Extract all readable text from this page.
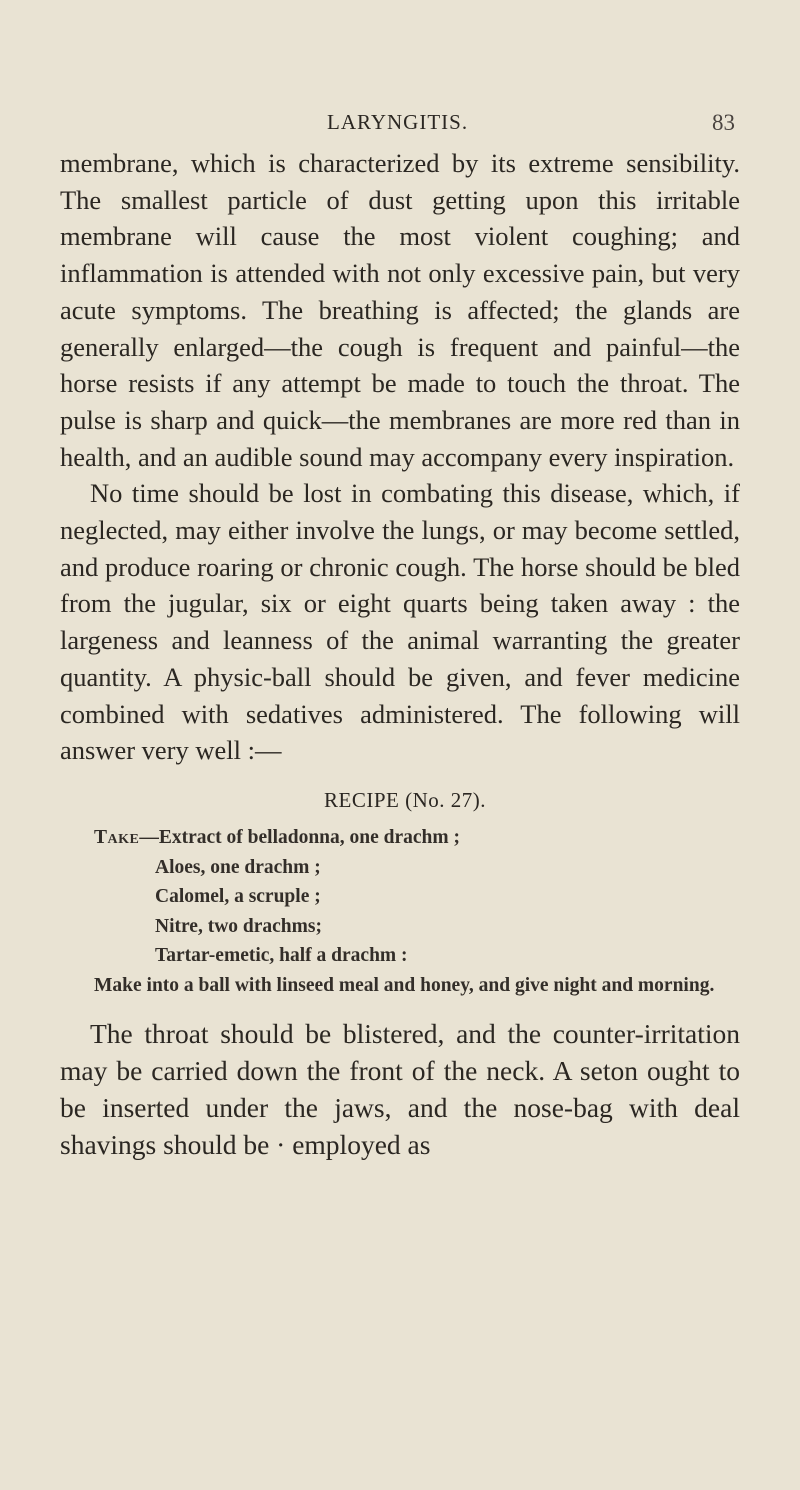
LARYNGITIS.	83

membrane, which is characterized by its extreme sensibility. The smallest particle of dust getting upon this irritable membrane will cause the most violent coughing; and inflammation is attended with not only excessive pain, but very acute symptoms. The breathing is affected; the glands are generally enlarged—the cough is frequent and painful—the horse resists if any attempt be made to touch the throat. The pulse is sharp and quick—the membranes are more red than in health, and an audible sound may accompany every inspiration.

No time should be lost in combating this disease, which, if neglected, may either involve the lungs, or may become settled, and produce roaring or chronic cough. The horse should be bled from the jugular, six or eight quarts being taken away : the largeness and leanness of the animal warranting the greater quantity. A physic-ball should be given, and fever medicine combined with sedatives administered. The following will answer very well :—

RECIPE (No. 27).
Take—Extract of belladonna, one drachm ;
Aloes, one drachm ;
Calomel, a scruple ;
Nitre, two drachms;
Tartar-emetic, half a drachm :
Make into a ball with linseed meal and honey, and give night and morning.

The throat should be blistered, and the counter-irritation may be carried down the front of the neck. A seton ought to be inserted under the jaws, and the nose-bag with deal shavings should be · employed as
